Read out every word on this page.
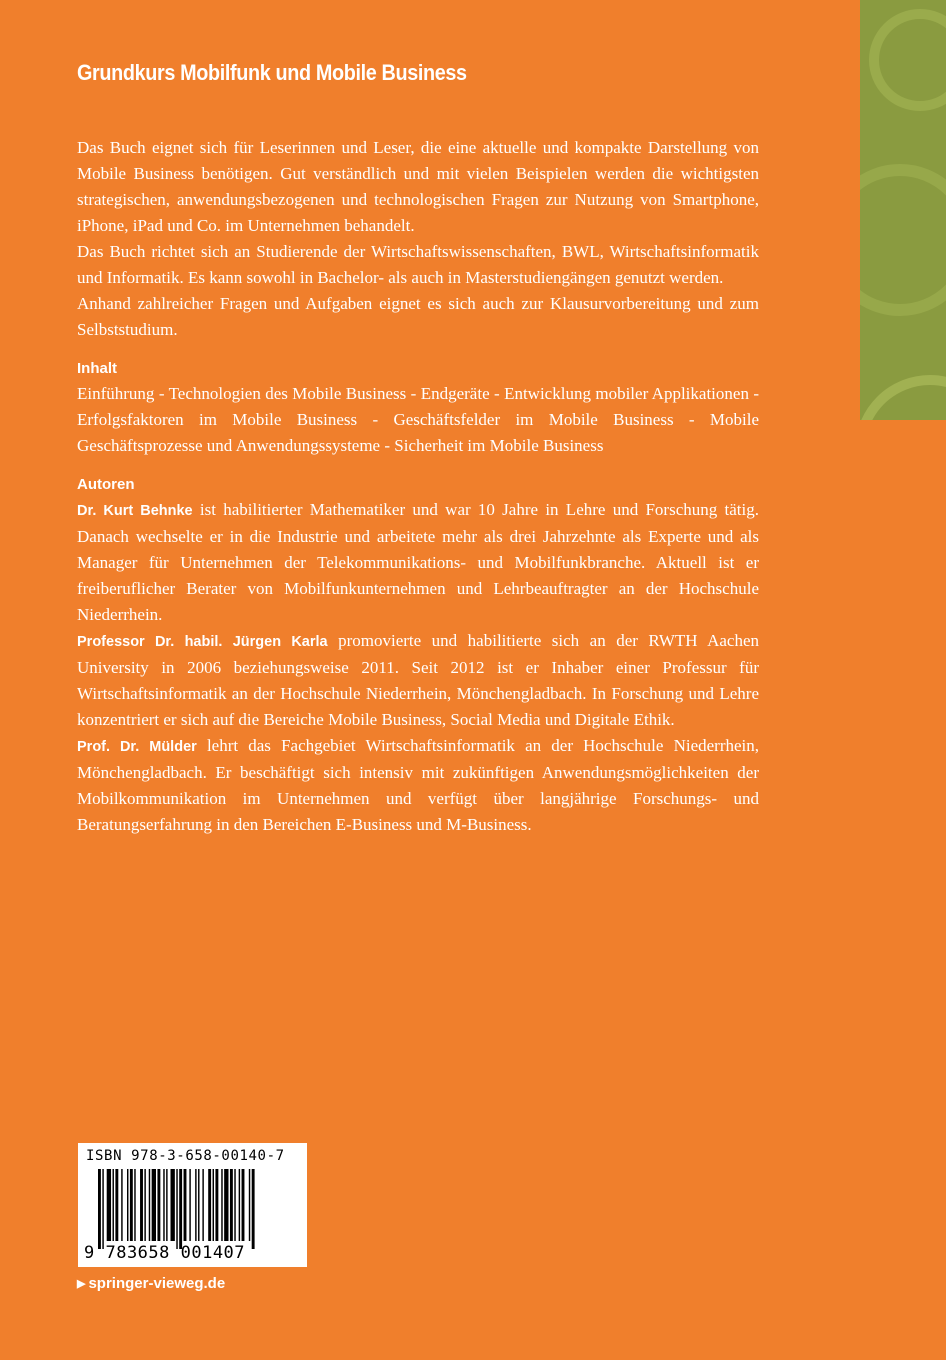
Grundkurs Mobilfunk und Mobile Business

Das Buch eignet sich für Leserinnen und Leser, die eine aktuelle und kompakte Darstellung von Mobile Business benötigen. Gut verständlich und mit vielen Beispielen werden die wichtigsten strategischen, anwendungsbezogenen und technologischen Fragen zur Nutzung von Smartphone, iPhone, iPad und Co. im Unternehmen behandelt.

Das Buch richtet sich an Studierende der Wirtschaftswissenschaften, BWL, Wirtschaftsinformatik und Informatik. Es kann sowohl in Bachelor- als auch in Masterstudiengängen genutzt werden.

Anhand zahlreicher Fragen und Aufgaben eignet es sich auch zur Klausurvorbereitung und zum Selbststudium.

Inhalt

Einführung - Technologien des Mobile Business - Endgeräte - Entwicklung mobiler Applikationen - Erfolgsfaktoren im Mobile Business - Geschäftsfelder im Mobile Business - Mobile Geschäftsprozesse und Anwendungssysteme - Sicherheit im Mobile Business

Autoren

Dr. Kurt Behnke ist habilitierter Mathematiker und war 10 Jahre in Lehre und Forschung tätig. Danach wechselte er in die Industrie und arbeitete mehr als drei Jahrzehnte als Experte und als Manager für Unternehmen der Telekommunikations- und Mobilfunkbranche. Aktuell ist er freiberuflicher Berater von Mobilfunkunternehmen und Lehrbeauftragter an der Hochschule Niederrhein.

Professor Dr. habil. Jürgen Karla promovierte und habilitierte sich an der RWTH Aachen University in 2006 beziehungsweise 2011. Seit 2012 ist er Inhaber einer Professur für Wirtschaftsinformatik an der Hochschule Niederrhein, Mönchengladbach. In Forschung und Lehre konzentriert er sich auf die Bereiche Mobile Business, Social Media und Digitale Ethik.

Prof. Dr. Mülder lehrt das Fachgebiet Wirtschaftsinformatik an der Hochschule Niederrhein, Mönchengladbach. Er beschäftigt sich intensiv mit zukünftigen Anwendungsmöglichkeiten der Mobilkommunikation im Unternehmen und verfügt über langjährige Forschungs- und Beratungserfahrung in den Bereichen E-Business und M-Business.

ISBN 978-3-658-00140-7
9 783658 001407
▶ springer-vieweg.de
